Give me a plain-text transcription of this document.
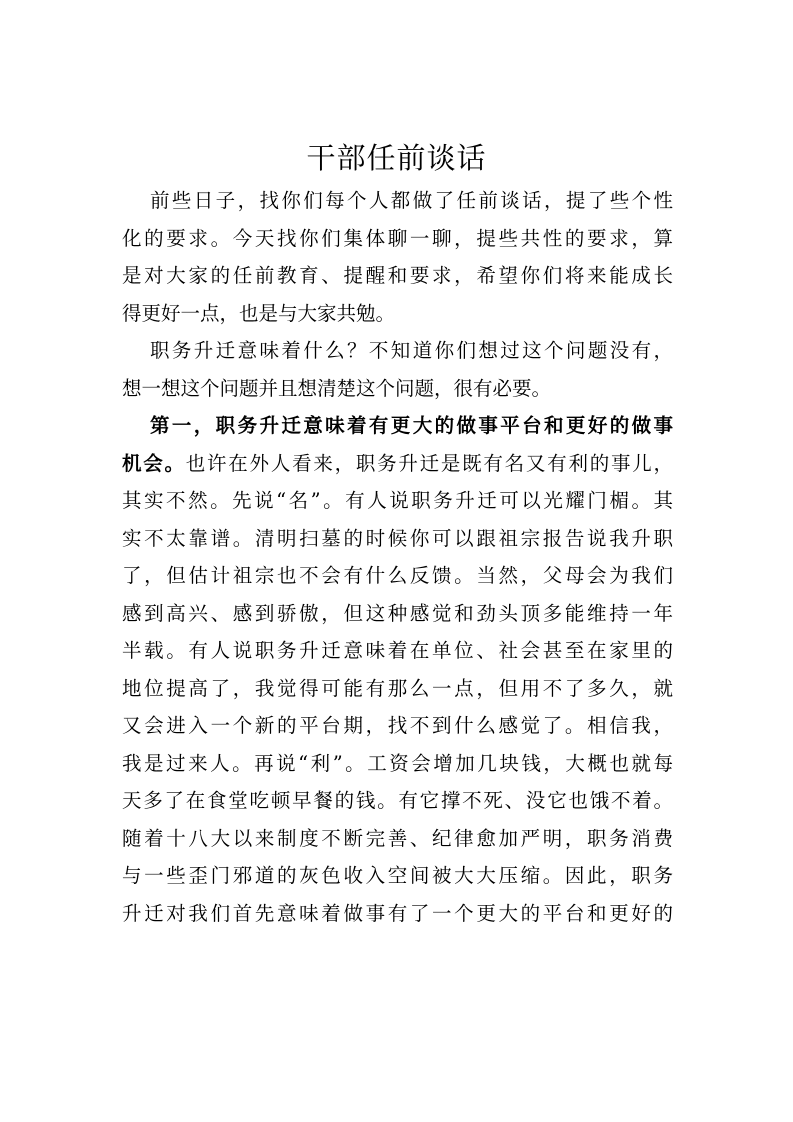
干部任前谈话
前些日子，找你们每个人都做了任前谈话，提了些个性
化的要求。今天找你们集体聊一聊，提些共性的要求，算
是对大家的任前教育、提醒和要求，希望你们将来能成长
得更好一点，也是与大家共勉。
职务升迁意味着什么？不知道你们想过这个问题没有，
想一想这个问题并且想清楚这个问题，很有必要。
第一，职务升迁意味着有更大的做事平台和更好的做事
机会。也许在外人看来，职务升迁是既有名又有利的事儿，
其实不然。先说“名”。有人说职务升迁可以光耀门楣。其
实不太靠谱。清明扫墓的时候你可以跟祖宗报告说我升职
了，但估计祖宗也不会有什么反馈。当然，父母会为我们
感到高兴、感到骄傲，但这种感觉和劲头顶多能维持一年
半载。有人说职务升迁意味着在单位、社会甚至在家里的
地位提高了，我觉得可能有那么一点，但用不了多久，就
又会进入一个新的平台期，找不到什么感觉了。相信我，
我是过来人。再说“利”。工资会增加几块钱，大概也就每
天多了在食堂吃顿早餐的钱。有它撑不死、没它也饿不着。
随着十八大以来制度不断完善、纪律愈加严明，职务消费
与一些歪门邪道的灰色收入空间被大大压缩。因此，职务
升迁对我们首先意味着做事有了一个更大的平台和更好的
